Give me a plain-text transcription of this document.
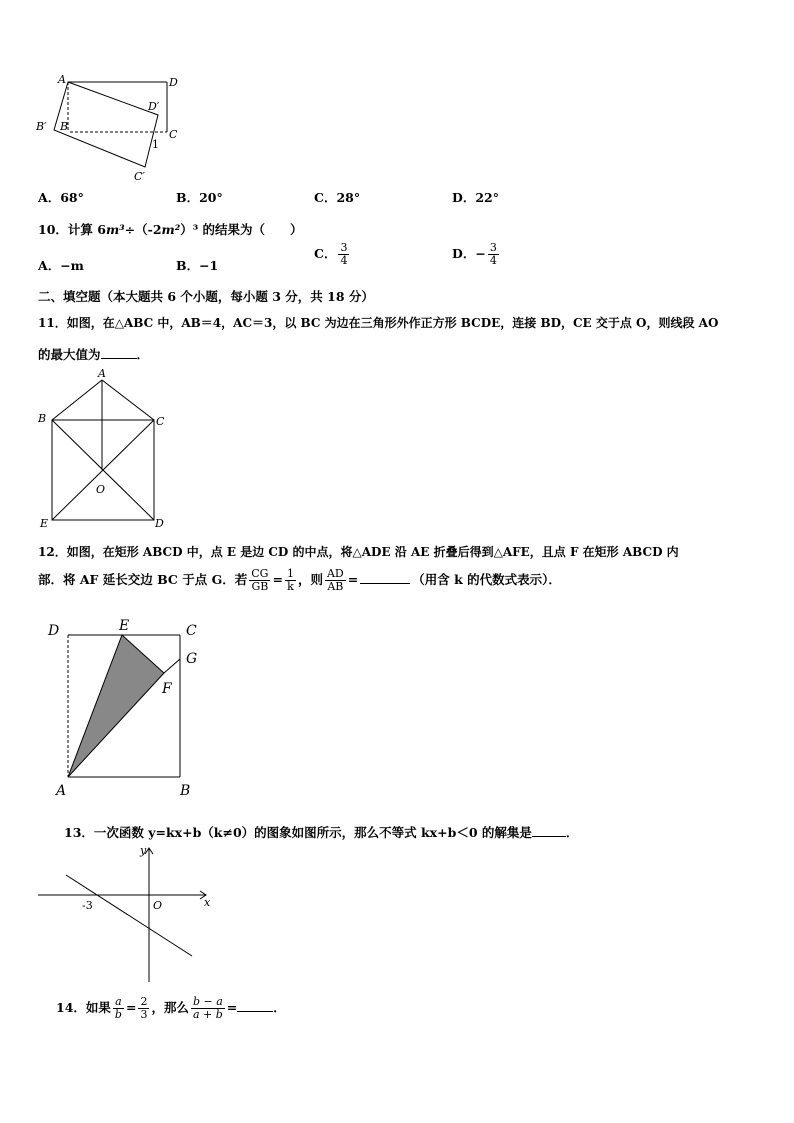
A	D
D′
B′ B
C
1
C′
A．68°	B．20°	C．28°	D．22°
10．计算 6m³÷（-2m²）³ 的结果为（　　）
A．−m	B．−1
C． $\frac{3}{4}$	D．− $\frac{3}{4}$
二、填空题（本大题共 6 个小题，每小题 3 分，共 18 分）
11．如图，在△ABC 中，AB＝4，AC＝3，以 BC 为边在三角形外作正方形 BCDE，连接 BD，CE 交于点 O，则线段 AO
的最大值为	．
A
B	C
O
E	D
12．如图，在矩形 ABCD 中，点 E 是边 CD 的中点，将△ADE 沿 AE 折叠后得到△AFE，且点 F 在矩形 ABCD 内
部．将 AF 延长交边 BC 于点 G．若 $\frac{CG}{GB} = \frac{1}{k}$ ，则 $\frac{AD}{AB}$ =	（用含 k 的代数式表示）．
D	E	C
G
F
A	B
13．一次函数 y=kx+b（k≠0）的图象如图所示，那么不等式 kx+b＜0 的解集是	．
y
x
O
-3
14．如果 $\frac{a}{b} = \frac{2}{3}$ ，那么 $\frac{b - a}{a + b}$ =	．
